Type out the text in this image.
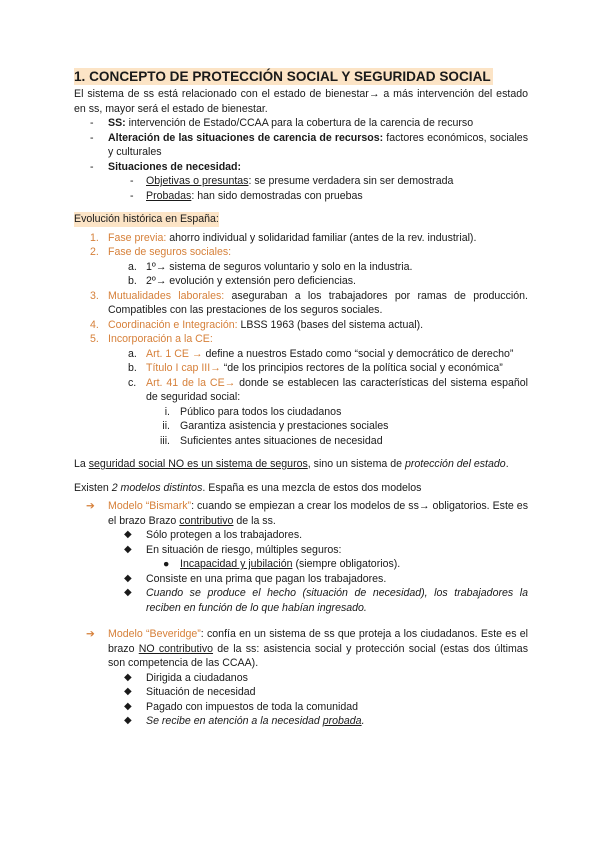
1. CONCEPTO DE PROTECCIÓN SOCIAL Y SEGURIDAD SOCIAL
El sistema de ss está relacionado con el estado de bienestar→ a más intervención del estado en ss, mayor será el estado de bienestar.
- SS: intervención de Estado/CCAA para la cobertura de la carencia de recurso
- Alteración de las situaciones de carencia de recursos: factores económicos, sociales y culturales
- Situaciones de necesidad:
- Objetivas o presuntas: se presume verdadera sin ser demostrada
- Probadas: han sido demostradas con pruebas
Evolución histórica en España:
1. Fase previa: ahorro individual y solidaridad familiar (antes de la rev. industrial).
2. Fase de seguros sociales:
a. 1º→ sistema de seguros voluntario y solo en la industria.
b. 2º→ evolución y extensión pero deficiencias.
3. Mutualidades laborales: aseguraban a los trabajadores por ramas de producción. Compatibles con las prestaciones de los seguros sociales.
4. Coordinación e Integración: LBSS 1963 (bases del sistema actual).
5. Incorporación a la CE:
a. Art. 1 CE → define a nuestros Estado como “social y democrático de derecho”
b. Título I cap III→ “de los principios rectores de la política social y económica”
c. Art. 41 de la CE→ donde se establecen las características del sistema español de seguridad social:
i. Público para todos los ciudadanos
ii. Garantiza asistencia y prestaciones sociales
iii. Suficientes antes situaciones de necesidad
La seguridad social NO es un sistema de seguros, sino un sistema de protección del estado.
Existen 2 modelos distintos. España es una mezcla de estos dos modelos
➔ Modelo “Bismark”: cuando se empiezan a crear los modelos de ss→ obligatorios. Este es el brazo Brazo contributivo de la ss.
◆ Sólo protegen a los trabajadores.
◆ En situación de riesgo, múltiples seguros:
● Incapacidad y jubilación (siempre obligatorios).
◆ Consiste en una prima que pagan los trabajadores.
◆ Cuando se produce el hecho (situación de necesidad), los trabajadores la reciben en función de lo que habían ingresado.
➔ Modelo “Beveridge”: confía en un sistema de ss que proteja a los ciudadanos. Este es el brazo NO contributivo de la ss: asistencia social y protección social (estas dos últimas son competencia de las CCAA).
◆ Dirigida a ciudadanos
◆ Situación de necesidad
◆ Pagado con impuestos de toda la comunidad
◆ Se recibe en atención a la necesidad probada.
